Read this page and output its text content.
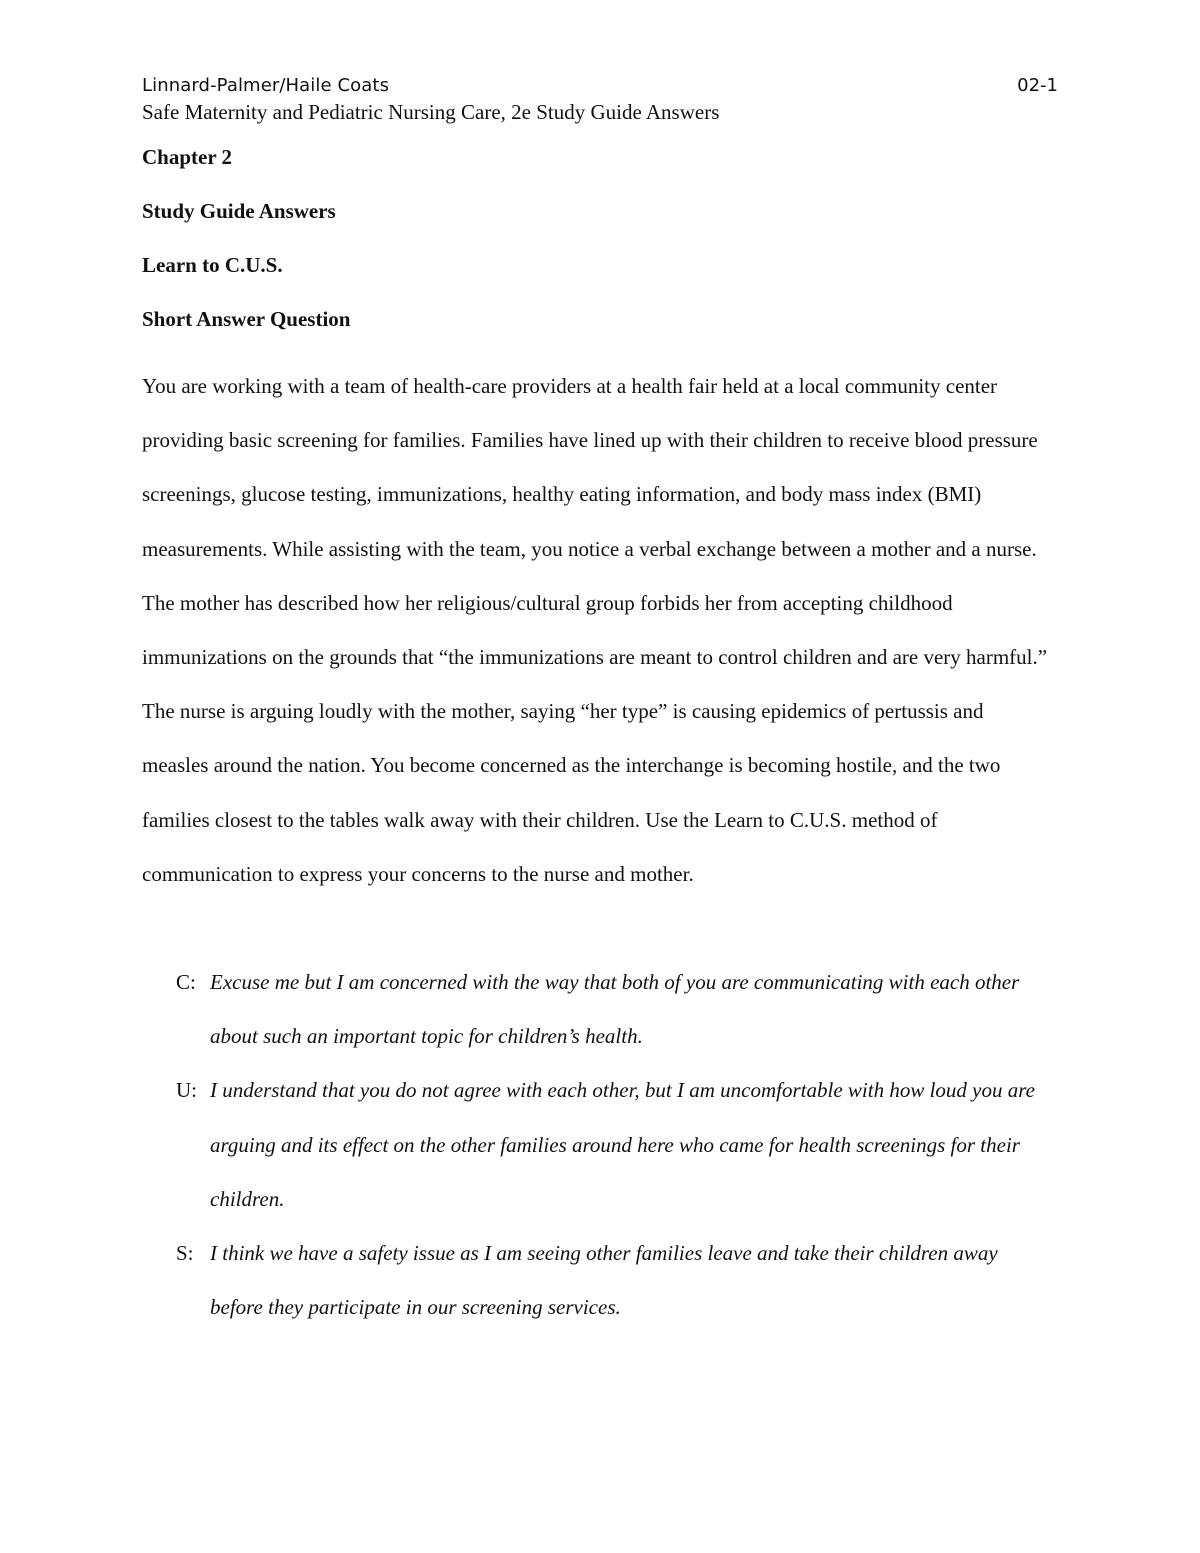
Linnard-Palmer/Haile Coats	02-1
Safe Maternity and Pediatric Nursing Care, 2e Study Guide Answers
Chapter 2
Study Guide Answers
Learn to C.U.S.
Short Answer Question

You are working with a team of health-care providers at a health fair held at a local community center providing basic screening for families. Families have lined up with their children to receive blood pressure screenings, glucose testing, immunizations, healthy eating information, and body mass index (BMI) measurements. While assisting with the team, you notice a verbal exchange between a mother and a nurse. The mother has described how her religious/cultural group forbids her from accepting childhood immunizations on the grounds that “the immunizations are meant to control children and are very harmful.” The nurse is arguing loudly with the mother, saying “her type” is causing epidemics of pertussis and measles around the nation. You become concerned as the interchange is becoming hostile, and the two families closest to the tables walk away with their children. Use the Learn to C.U.S. method of communication to express your concerns to the nurse and mother.

C: Excuse me but I am concerned with the way that both of you are communicating with each other about such an important topic for children’s health.

U: I understand that you do not agree with each other, but I am uncomfortable with how loud you are arguing and its effect on the other families around here who came for health screenings for their children.

S: I think we have a safety issue as I am seeing other families leave and take their children away before they participate in our screening services.
